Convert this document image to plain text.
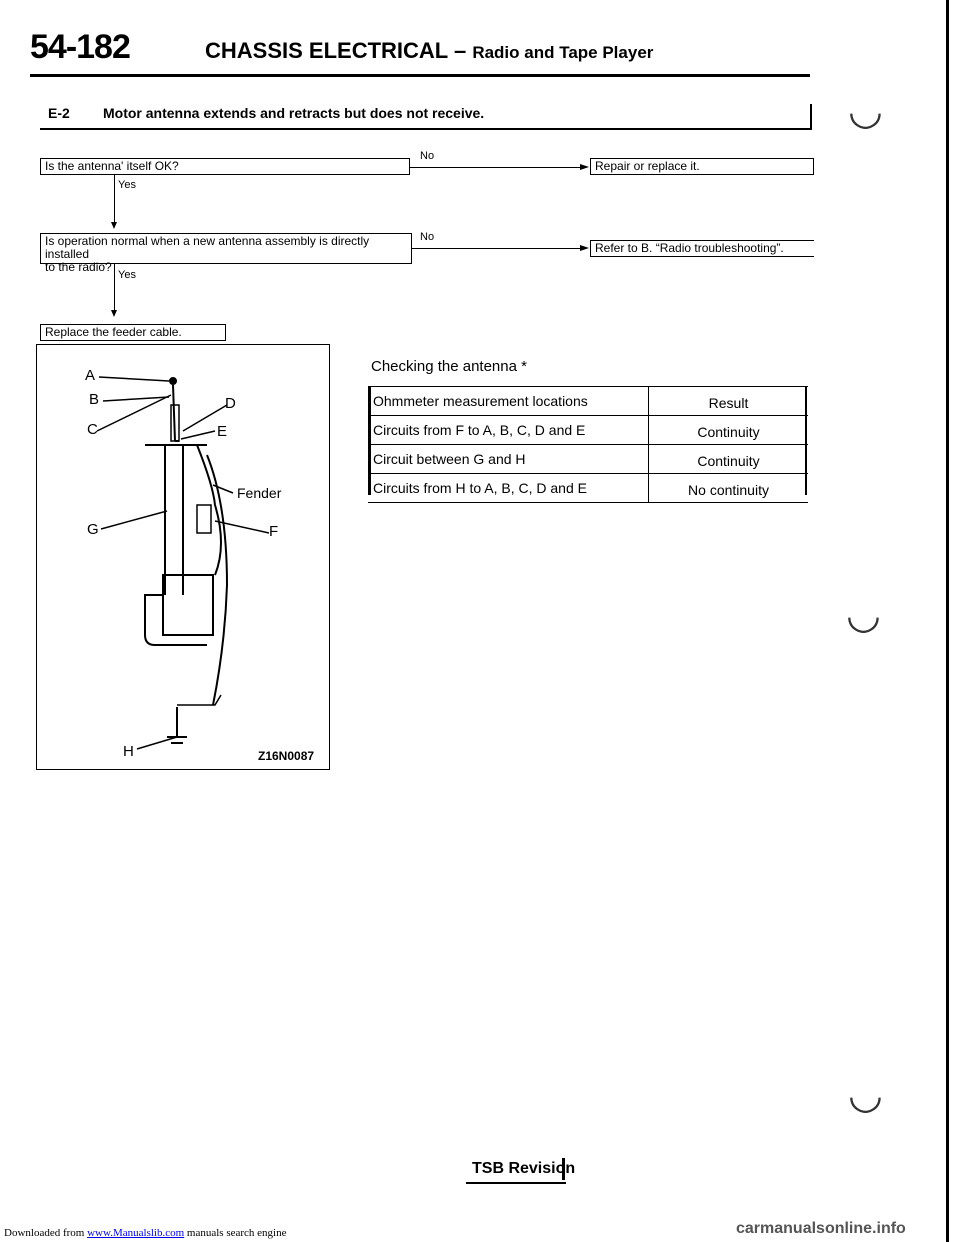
54-182	CHASSIS ELECTRICAL – Radio and Tape Player
E-2 Motor antenna extends and retracts but does not receive.
Is the antenna' itself OK?
No
Repair or replace it.
Yes
Is operation normal when a new antenna assembly is directly installed
to the radio?
No
Refer to B. “Radio troubleshooting”.
Yes
Replace the feeder cable.
A
B
C
D
E
Fender
F
G
H	Z16N0087
Checking the antenna *
Ohmmeter measurement locations	Result
Circuits from F to A, B, C, D and E	Continuity
Circuit between G and H	Continuity
Circuits from H to A, B, C, D and E	No continuity
◡
◡
◡
TSB Revision
Downloaded from www.Manualslib.com manuals search engine	carmanualsonline.info
